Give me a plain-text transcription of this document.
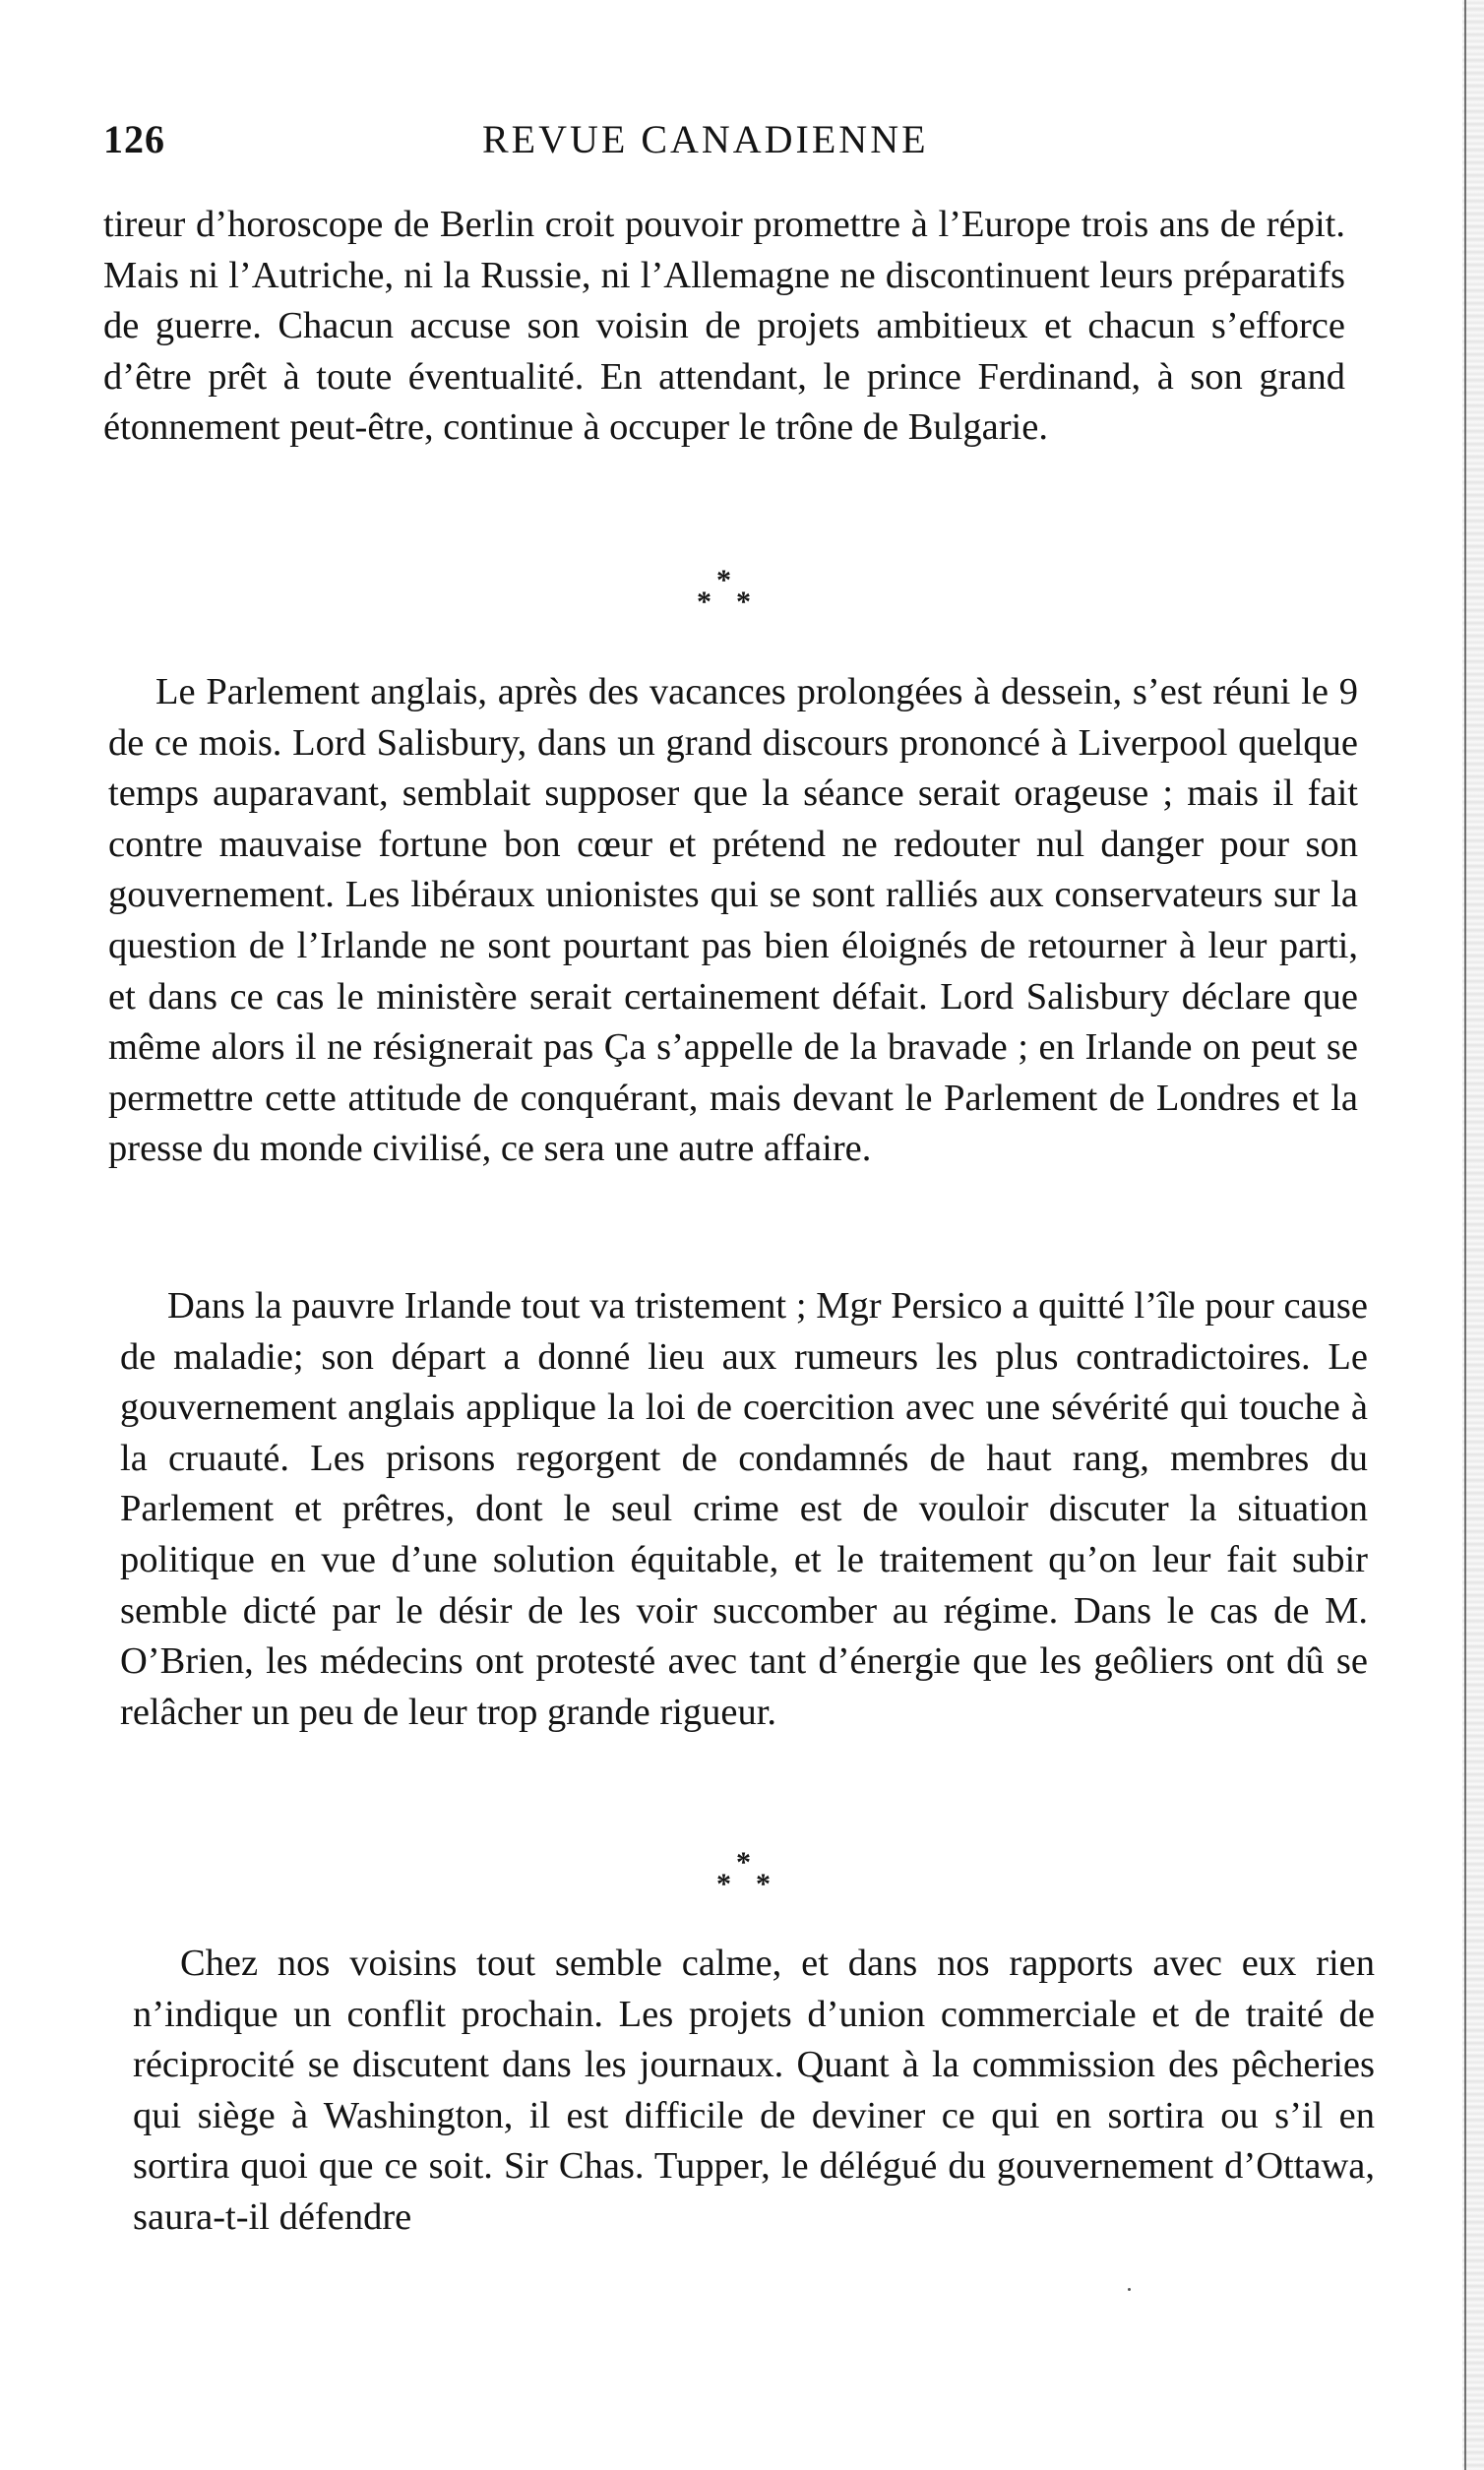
126	REVUE CANADIENNE
tireur d’horoscope de Berlin croit pouvoir promettre à l’Europe trois ans de répit. Mais ni l’Autriche, ni la Russie, ni l’Allemagne ne discontinuent leurs préparatifs de guerre. Chacun accuse son voisin de projets ambitieux et chacun s’efforce d’être prêt à toute éventualité. En attendant, le prince Ferdinand, à son grand étonnement peut-être, continue à occuper le trône de Bulgarie.
*
* *
Le Parlement anglais, après des vacances prolongées à dessein, s’est réuni le 9 de ce mois. Lord Salisbury, dans un grand discours prononcé à Liverpool quelque temps auparavant, semblait supposer que la séance serait orageuse ; mais il fait contre mauvaise fortune bon cœur et prétend ne redouter nul danger pour son gouvernement. Les libéraux unionistes qui se sont ralliés aux conservateurs sur la question de l’Irlande ne sont pourtant pas bien éloignés de retourner à leur parti, et dans ce cas le ministère serait certainement défait. Lord Salisbury déclare que même alors il ne résignerait pas Ça s’appelle de la bravade ; en Irlande on peut se permettre cette attitude de conquérant, mais devant le Parlement de Londres et la presse du monde civilisé, ce sera une autre affaire.
Dans la pauvre Irlande tout va tristement ; Mgr Persico a quitté l’île pour cause de maladie; son départ a donné lieu aux rumeurs les plus contradictoires. Le gouvernement anglais applique la loi de coercition avec une sévérité qui touche à la cruauté. Les prisons regorgent de condamnés de haut rang, membres du Parlement et prêtres, dont le seul crime est de vouloir discuter la situation politique en vue d’une solution équitable, et le traitement qu’on leur fait subir semble dicté par le désir de les voir succomber au régime. Dans le cas de M. O’Brien, les médecins ont protesté avec tant d’énergie que les geôliers ont dû se relâcher un peu de leur trop grande rigueur.
*
* *
Chez nos voisins tout semble calme, et dans nos rapports avec eux rien n’indique un conflit prochain. Les projets d’union commerciale et de traité de réciprocité se discutent dans les journaux. Quant à la commission des pêcheries qui siège à Washington, il est difficile de deviner ce qui en sortira ou s’il en sortira quoi que ce soit. Sir Chas. Tupper, le délégué du gouvernement d’Ottawa, saura-t-il défendre
